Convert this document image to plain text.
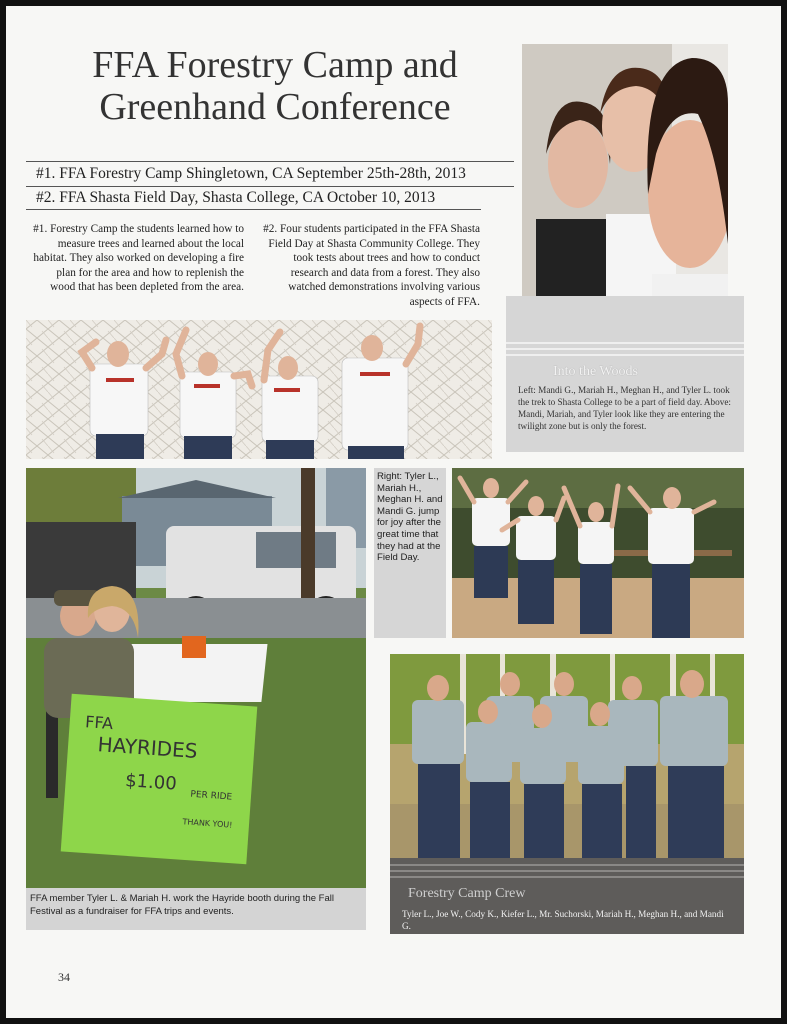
FFA Forestry Camp and
Greenhand Conference
#1. FFA Forestry Camp Shingletown, CA September 25th-28th, 2013
#2. FFA Shasta Field Day, Shasta College, CA October 10, 2013
#1. Forestry Camp the students learned how to measure trees and learned about the local habitat. They also worked on developing a fire plan for the area and how to replenish the wood that has been depleted from the area.
#2. Four students participated in the FFA Shasta Field Day at Shasta Community College. They took tests about trees and how to conduct research and data from a forest. They also watched demonstrations involving various aspects of FFA.
Into the Woods
Left: Mandi G., Mariah H., Meghan H., and Tyler L. took the trek to Shasta College to be a part of field day. Above: Mandi, Mariah, and Tyler look like they are entering the twilight zone but is only the forest.
FFA
HAYRIDES
$1.00
PER RIDE
THANK YOU!
FFA member Tyler L. & Mariah H. work the Hayride booth during the Fall Festival as a fundraiser for FFA trips and events.
Right: Tyler L., Mariah H., Meghan H. and Mandi G. jump for joy after the great time that they had at the Field Day.
Forestry Camp Crew
Tyler L., Joe W., Cody K., Kiefer L., Mr. Suchorski, Mariah H., Meghan H., and Mandi G.
34
